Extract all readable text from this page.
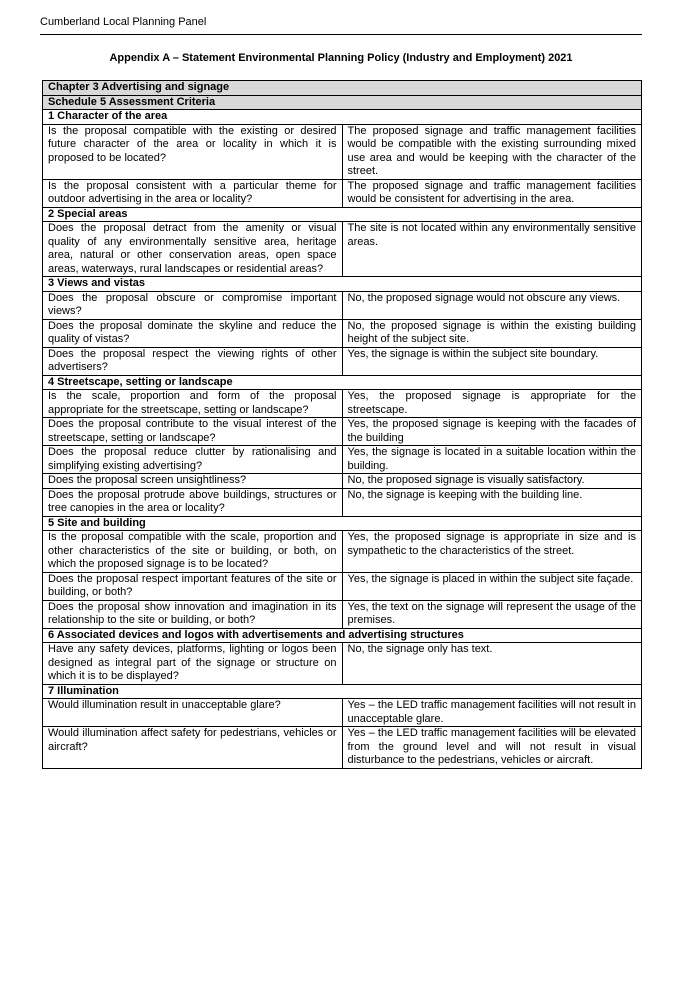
Cumberland Local Planning Panel
Appendix A – Statement Environmental Planning Policy (Industry and Employment) 2021
Chapter 3 Advertising and signage	
Schedule 5 Assessment Criteria	
1 Character of the area	
Is the proposal compatible with the existing or desired future character of the area or locality in which it is proposed to be located?	The proposed signage and traffic management facilities would be compatible with the existing surrounding mixed use area and would be keeping with the character of the street.
Is the proposal consistent with a particular theme for outdoor advertising in the area or locality?	The proposed signage and traffic management facilities would be consistent for advertising in the area.
2 Special areas	
Does the proposal detract from the amenity or visual quality of any environmentally sensitive area, heritage area, natural or other conservation areas, open space areas, waterways, rural landscapes or residential areas?	The site is not located within any environmentally sensitive areas.
3 Views and vistas	
Does the proposal obscure or compromise important views?	No, the proposed signage would not obscure any views.
Does the proposal dominate the skyline and reduce the quality of vistas?	No, the proposed signage is within the existing building height of the subject site.
Does the proposal respect the viewing rights of other advertisers?	Yes, the signage is within the subject site boundary.
4 Streetscape, setting or landscape	
Is the scale, proportion and form of the proposal appropriate for the streetscape, setting or landscape?	Yes, the proposed signage is appropriate for the streetscape.
Does the proposal contribute to the visual interest of the streetscape, setting or landscape?	Yes, the proposed signage is keeping with the facades of the building
Does the proposal reduce clutter by rationalising and simplifying existing advertising?	Yes, the signage is located in a suitable location within the building.
Does the proposal screen unsightliness?	No, the proposed signage is visually satisfactory.
Does the proposal protrude above buildings, structures or tree canopies in the area or locality?	No, the signage is keeping with the building line.
5 Site and building	
Is the proposal compatible with the scale, proportion and other characteristics of the site or building, or both, on which the proposed signage is to be located?	Yes, the proposed signage is appropriate in size and is sympathetic to the characteristics of the street.
Does the proposal respect important features of the site or building, or both?	Yes, the signage is placed in within the subject site façade.
Does the proposal show innovation and imagination in its relationship to the site or building, or both?	Yes, the text on the signage will represent the usage of the premises.
6 Associated devices and logos with advertisements and advertising structures	
Have any safety devices, platforms, lighting or logos been designed as integral part of the signage or structure on which it is to be displayed?	No, the signage only has text.
7 Illumination	
Would illumination result in unacceptable glare?	Yes – the LED traffic management facilities will not result in unacceptable glare.
Would illumination affect safety for pedestrians, vehicles or aircraft?	Yes – the LED traffic management facilities will be elevated from the ground level and will not result in visual disturbance to the pedestrians, vehicles or aircraft.
